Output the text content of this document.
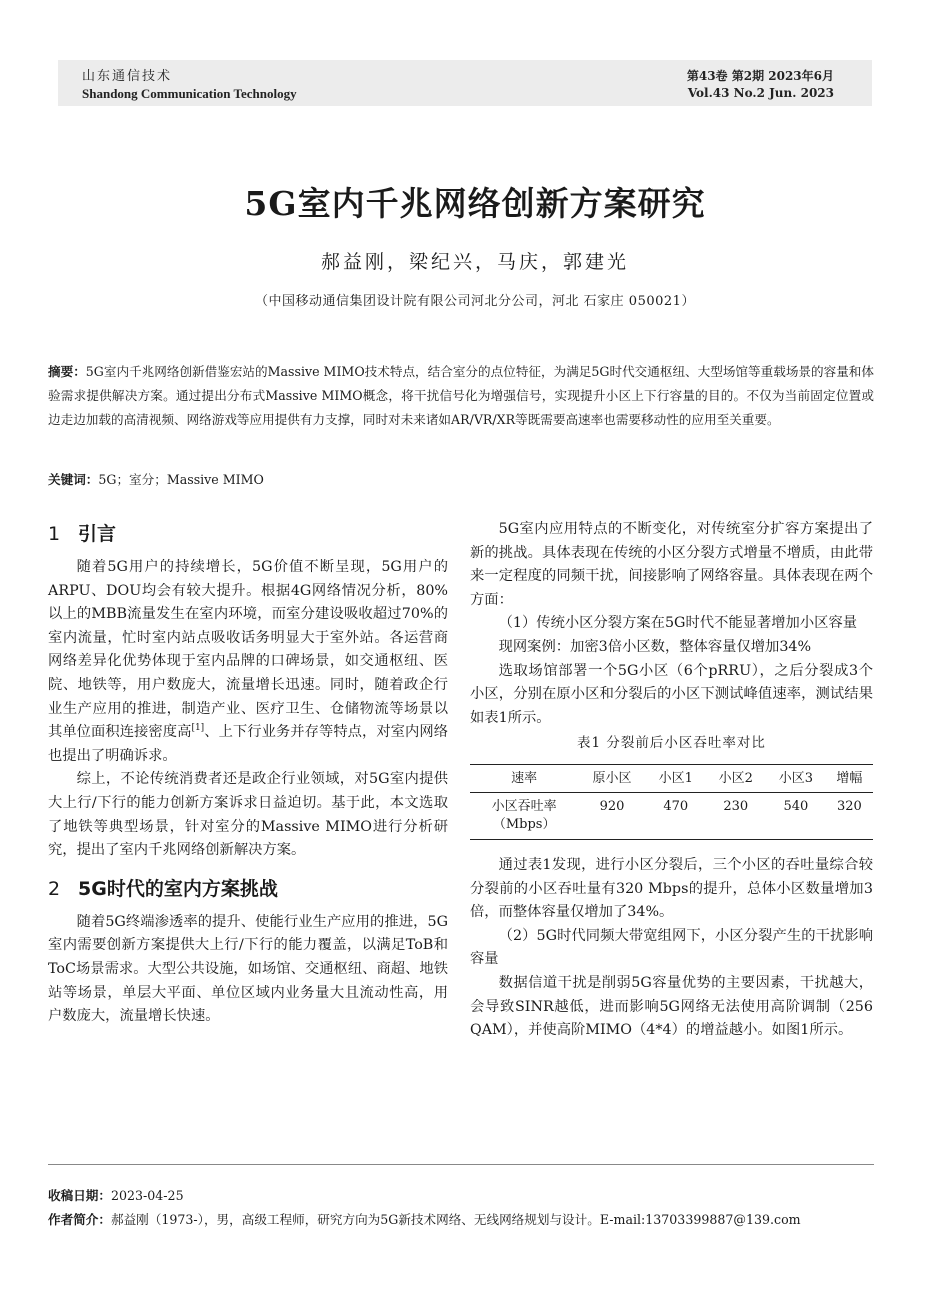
山东通信技术
Shandong Communication Technology
第43卷 第2期 2023年6月
Vol.43 No.2 Jun. 2023
5G室内千兆网络创新方案研究
郝益刚，梁纪兴，马庆，郭建光
（中国移动通信集团设计院有限公司河北分公司，河北 石家庄 050021）
摘要：5G室内千兆网络创新借鉴宏站的Massive MIMO技术特点，结合室分的点位特征，为满足5G时代交通枢纽、大型场馆等重载场景的容量和体验需求提供解决方案。通过提出分布式Massive MIMO概念，将干扰信号化为增强信号，实现提升小区上下行容量的目的。不仅为当前固定位置或边走边加载的高清视频、网络游戏等应用提供有力支撑，同时对未来诸如AR/VR/XR等既需要高速率也需要移动性的应用至关重要。
关键词：5G；室分；Massive MIMO
1 引言

随着5G用户的持续增长，5G价值不断呈现，5G用户的ARPU、DOU均会有较大提升。根据4G网络情况分析，80%以上的MBB流量发生在室内环境，而室分建设吸收超过70%的室内流量，忙时室内站点吸收话务明显大于室外站。各运营商网络差异化优势体现于室内品牌的口碑场景，如交通枢纽、医院、地铁等，用户数庞大，流量增长迅速。同时，随着政企行业生产应用的推进，制造产业、医疗卫生、仓储物流等场景以其单位面积连接密度高[1]、上下行业务并存等特点，对室内网络也提出了明确诉求。

综上，不论传统消费者还是政企行业领域，对5G室内提供大上行/下行的能力创新方案诉求日益迫切。基于此，本文选取了地铁等典型场景，针对室分的Massive MIMO进行分析研究，提出了室内千兆网络创新解决方案。

2 5G时代的室内方案挑战

随着5G终端渗透率的提升、使能行业生产应用的推进，5G室内需要创新方案提供大上行/下行的能力覆盖，以满足ToB和ToC场景需求。大型公共设施，如场馆、交通枢纽、商超、地铁站等场景，单层大平面、单位区域内业务量大且流动性高，用户数庞大，流量增长快速。

5G室内应用特点的不断变化，对传统室分扩容方案提出了新的挑战。具体表现在传统的小区分裂方式增量不增质，由此带来一定程度的同频干扰，间接影响了网络容量。具体表现在两个方面：

（1）传统小区分裂方案在5G时代不能显著增加小区容量

现网案例：加密3倍小区数，整体容量仅增加34%

选取场馆部署一个5G小区（6个pRRU），之后分裂成3个小区，分别在原小区和分裂后的小区下测试峰值速率，测试结果如表1所示。

表1 分裂前后小区吞吐率对比
速率	原小区	小区1	小区2	小区3	增幅

小区吞吐率
（Mbps）	920	470	230	540	320

通过表1发现，进行小区分裂后，三个小区的吞吐量综合较分裂前的小区吞吐量有320 Mbps的提升，总体小区数量增加3倍，而整体容量仅增加了34%。

（2）5G时代同频大带宽组网下，小区分裂产生的干扰影响容量

数据信道干扰是削弱5G容量优势的主要因素，干扰越大，会导致SINR越低，进而影响5G网络无法使用高阶调制（256 QAM），并使高阶MIMO（4*4）的增益越小。如图1所示。

收稿日期：2023-04-25
作者简介：郝益刚（1973-），男，高级工程师，研究方向为5G新技术网络、无线网络规划与设计。E-mail:13703399887@139.com
